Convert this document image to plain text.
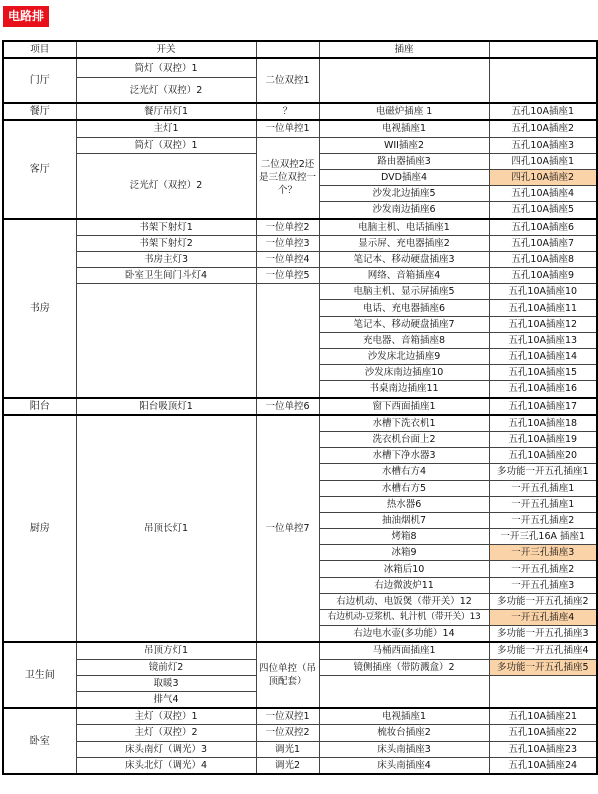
电路排布
项目	开关		插座	
门厅	筒灯（双控）1	二位双控1		
	泛光灯（双控）2			
餐厅	餐厅吊灯1	？	电磁炉插座 1	五孔10A插座1
客厅	主灯1	一位单控1	电视插座1	五孔10A插座2
	筒灯（双控）1	二位双控2还是三位双控一个？	WII插座2	五孔10A插座3
	泛光灯（双控）2		路由器插座3	四孔10A插座1
			DVD插座4	四孔10A插座2
			沙发北边插座5	五孔10A插座4
			沙发南边插座6	五孔10A插座5
书房	书架下射灯1	一位单控2	电脑主机、电话插座1	五孔10A插座6
	书架下射灯2	一位单控3	显示屏、充电器插座2	五孔10A插座7
	书房主灯3	一位单控4	笔记本、移动硬盘插座3	五孔10A插座8
	卧室卫生间门斗灯4	一位单控5	网络、音箱插座4	五孔10A插座9
			电脑主机、显示屏插座5	五孔10A插座10
			电话、充电器插座6	五孔10A插座11
			笔记本、移动硬盘插座7	五孔10A插座12
			充电器、音箱插座8	五孔10A插座13
			沙发床北边插座9	五孔10A插座14
			沙发床南边插座10	五孔10A插座15
			书桌南边插座11	五孔10A插座16
阳台	阳台吸顶灯1	一位单控6	窗下西面插座1	五孔10A插座17
厨房	吊顶长灯1	一位单控7	水槽下洗衣机1	五孔10A插座18
			洗衣机台面上2	五孔10A插座19
			水槽下净水器3	五孔10A插座20
			水槽右方4	多功能一开五孔插座1
			水槽右方5	一开五孔插座1
			热水器6	一开五孔插座1
			抽油烟机7	一开五孔插座2
			烤箱8	一开三孔16A 插座1
			冰箱9	一开三孔插座3
			冰箱后10	一开五孔插座2
			右边微波炉11	一开五孔插座3
			右边机动、电饭煲（带开关）12	多功能一开五孔插座2
			右边机动-豆浆机、轧汁机（带开关）13	一开五孔插座4
			右边电水壶(多功能）14	多功能一开五孔插座3
卫生间	吊顶方灯1	四位单控（吊顶配套）	马桶西面插座1	多功能一开五孔插座4
	镜前灯2		镜侧插座（带防溅盒）2	多功能一开五孔插座5
	取暖3			
	排气4			
卧室	主灯（双控）1	一位双控1	电视插座1	五孔10A插座21
	主灯（双控）2	一位双控2	梳妆台插座2	五孔10A插座22
	床头南灯（调光）3	调光1	床头南插座3	五孔10A插座23
	床头北灯（调光）4	调光2	床头南插座4	五孔10A插座24
